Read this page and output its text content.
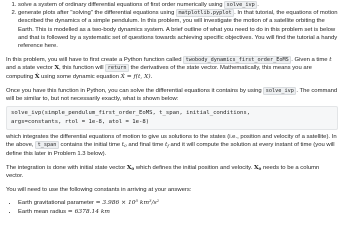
1. solve a system of ordinary differential equations of first order numerically using solve_ivp .
2. generate plots after "solving" the differential equations using matplotlib.pyplot . In that tutorial, the equations of motion described the dynamics of a simple pendulum. In this problem, you will investigate the motion of a satellite orbiting the Earth. This is modelled as a two-body dynamics system. A brief outline of what you need to do in this problem set is below and that is followed by a systematic set of questions towards achieving specific objectives. You will find the tutorial a handy reference here.

In this problem, you will have to first create a Python function called twobody_dynamics_first_order_EoMS . Given a time t and a state vector X, this function will return the derivatives of the state vector. Mathematically, this means you are computing Ẋ using some dynamic equation Ẋ = f(t, X).

Once you have this function in Python, you can solve the differential equations it contains by using solve_ivp . The command will be similar to, but not necessarily exactly, what is shown below:

solve_ivp(simple_pendulum_first_order_EoMS, t_span, initial_conditions,
args=constants, rtol = 1e-8, atol = 1e-8)

which integrates the differential equations of motion to give us solutions to the states (i.e., position and velocity of a satellite). In the above, t_span contains the initial time $t_0$ and final time $t_f$ and it will compute the solution at every instant of time (you will define this later in Problem 1.3 below).

The integration is done with initial state vector $X_0$ which defines the initial position and velocity. $X_0$ needs to be a column vector.

You will need to use the following constants in arriving at your answers:

• Earth gravitational parameter = $3.986 \times 10^5$ $km^3/s^2$
• Earth mean radius = 6378.14 km
